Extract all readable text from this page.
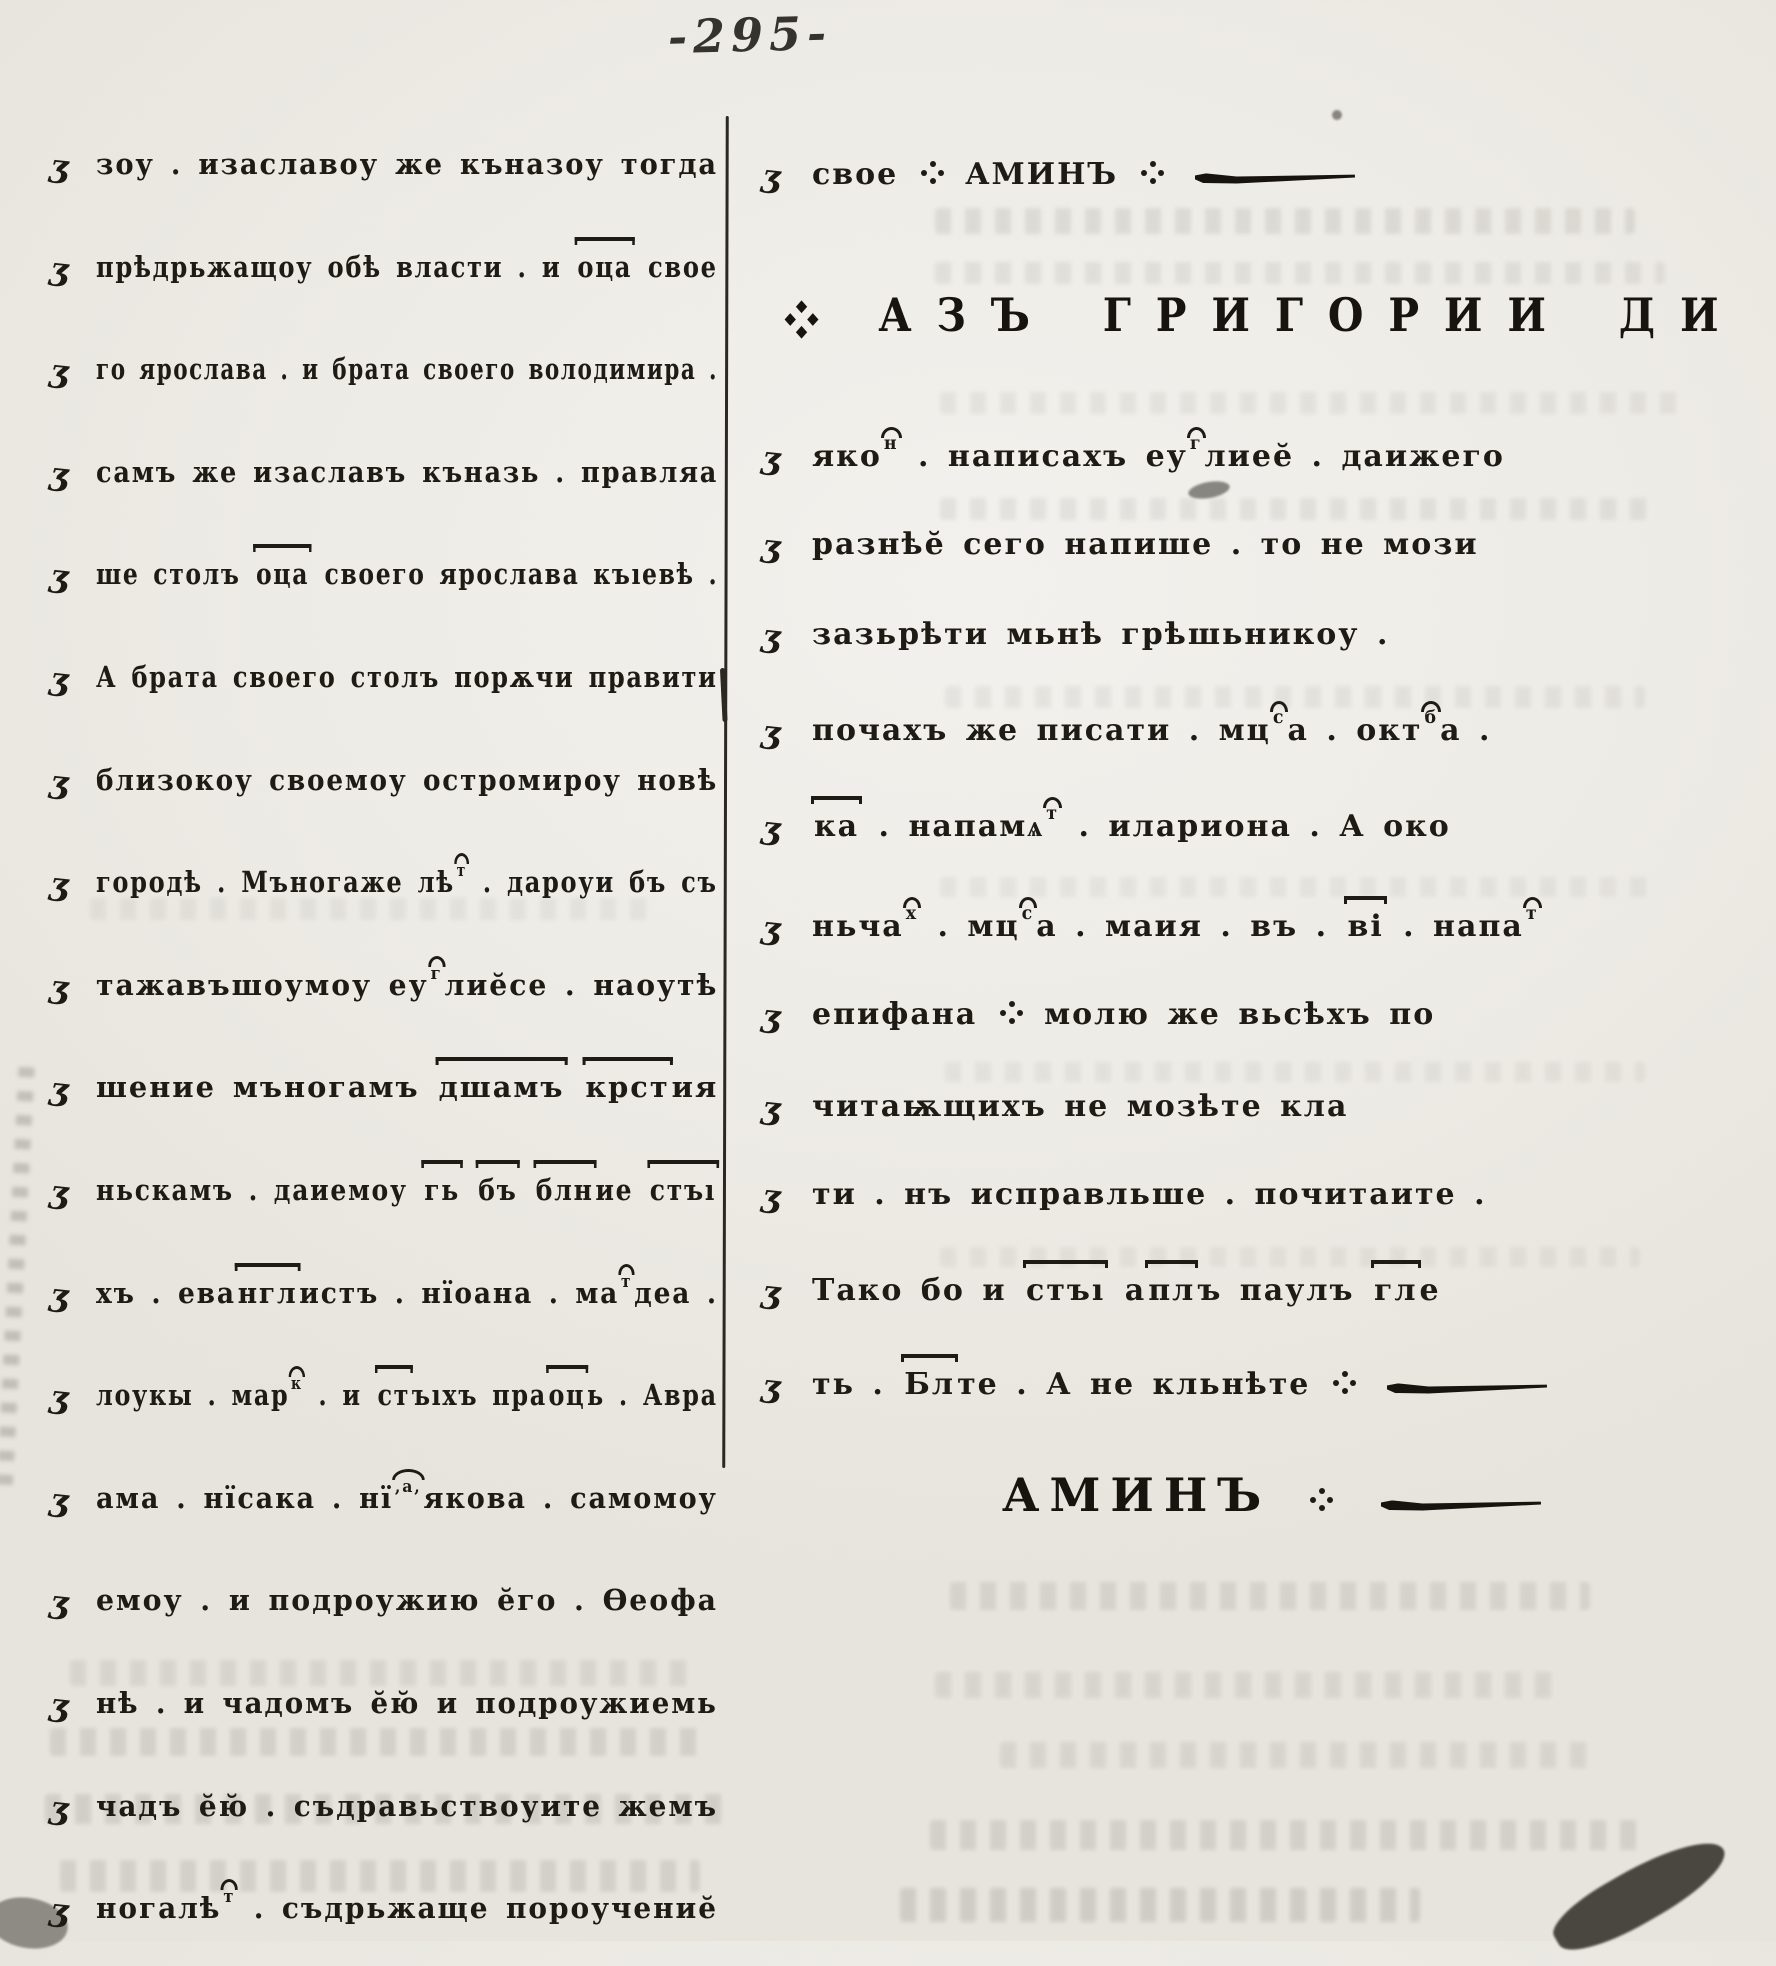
-295-
ʒ зоу . изаславоу же къназоу тогда
ʒ прѣдрьжащоу обѣ власти . и оца свое
ʒ го ярослава . и брата своего володимира .
ʒ самъ же изаславъ къназь . правляа
ʒ ше столъ оца своего ярослава къıевѣ .
ʒ А брата своего столъ порѫчи правити
ʒ близокоу своемоу остромироу новѣ
ʒ городѣ . Мъногаже лѣт . дароуи бъ съ
ʒ тажавъшоумоу еу глиӗсе . наоутѣ
ʒ шение мъногамъ дшамъ крстия
ʒ ньскамъ . даиемоу гь бъ блние стъı
ʒ хъ . еванглистъ . нїоана . ма тдеа .
ʒ лоукы . марк . и стъıхъ праоць . Авра
ʒ ама . нїсака . нї ,а,якова . самомоу
ʒ емоу . и подроужию ӗго . Ѳеофа
ʒ нѣ . и чадомъ ӗю̆ и подроужиемь
ʒ чадъ ӗю̆ . съдравьствоуите жемъ
ʒ ногалѣ т . съдрьжаще пороучениӗ
ʒ свое  АМИНЪ
АЗЪ ГРИГОРИИ ДИ
ʒ яко н . написахъ еу глиеӗ . даижего
ʒ разнѣӗ сего напише . то не мози
ʒ зазьрѣти мьнѣ грѣшьникоу .
ʒ почахъ же писати . мц са . окт ба .
ʒ ка . напамѧ т . илариона . А око
ʒ ньча х . мц са . маия . въ . ві . напа т
ʒ епифана  молю же вьсѣхъ по
ʒ читаѭщихъ не мозѣте кла
ʒ ти . нъ исправльше . почитаите .
ʒ Тако бо и стъı аплъ паулъ гле
ʒ ть . Блте . А не кльнѣте
АМИНЪ
